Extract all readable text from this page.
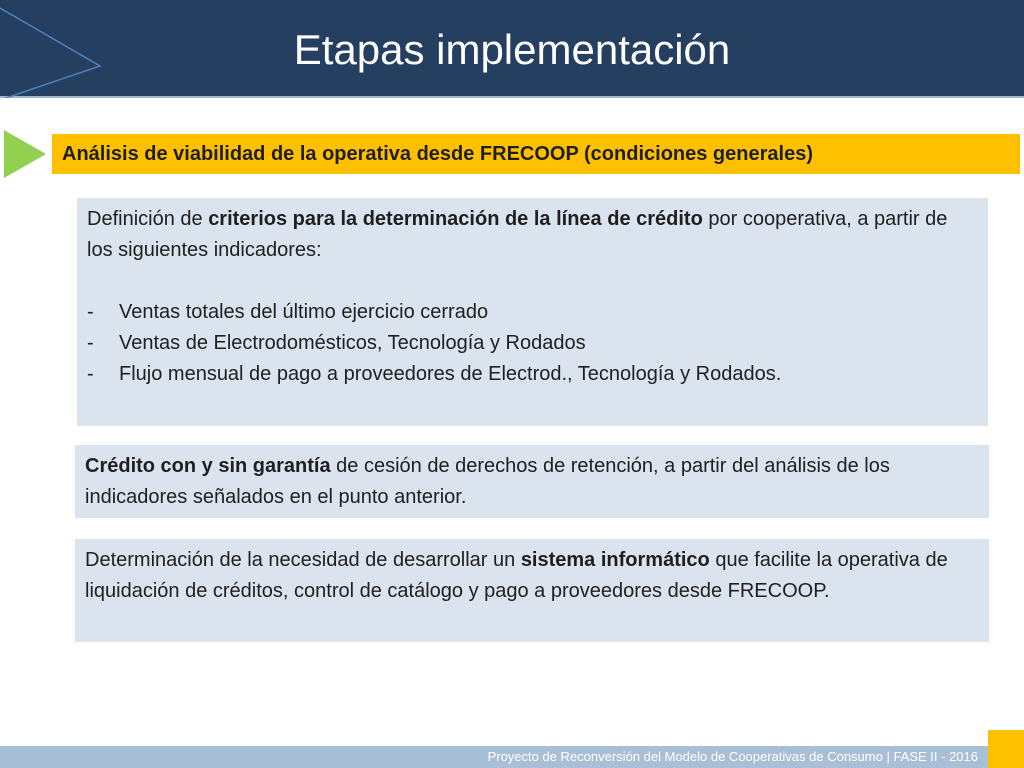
Etapas implementación
Análisis de viabilidad de la operativa desde FRECOOP (condiciones generales)

Definición de criterios para la determinación de la línea de crédito por cooperativa, a partir de los siguientes indicadores:

- Ventas totales del último ejercicio cerrado
- Ventas de Electrodomésticos, Tecnología y Rodados
- Flujo mensual de pago a proveedores de Electrod., Tecnología y Rodados.

Crédito con y sin garantía de cesión de derechos de retención, a partir del análisis de los indicadores señalados en el punto anterior.

Determinación de la necesidad de desarrollar un sistema informático que facilite la operativa de liquidación de créditos, control de catálogo y pago a proveedores desde FRECOOP.

Proyecto de Reconversión del Modelo de Cooperativas de Consumo | FASE II - 2016
